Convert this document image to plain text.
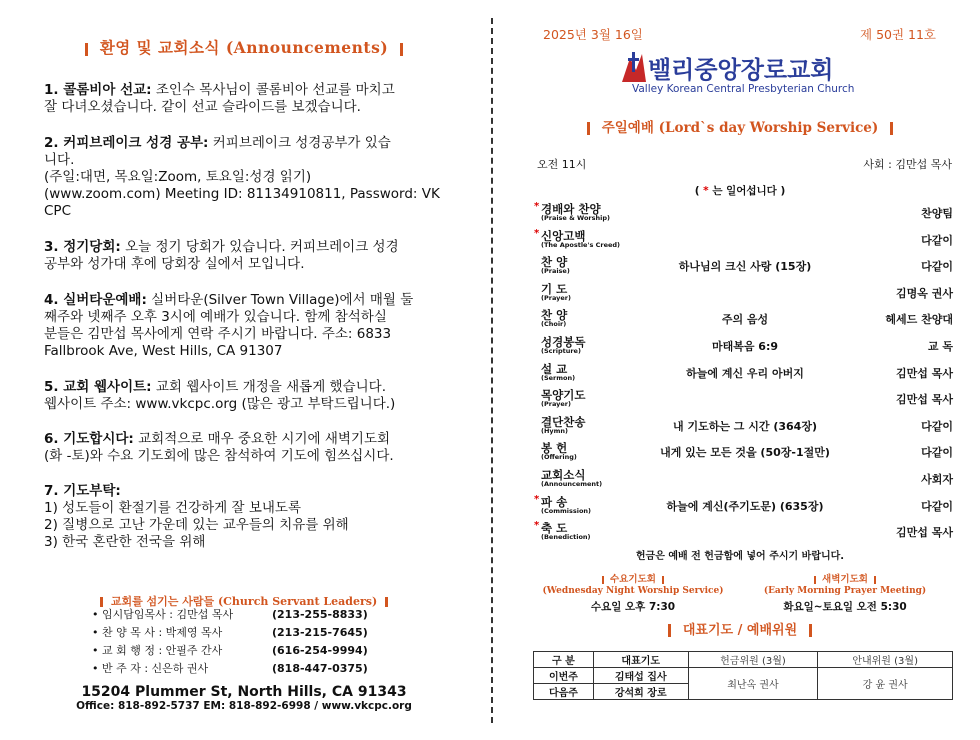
환영 및 교회소식 (Announcements)
1. 콜롬비아 선교: 조인수 목사님이 콜롬비아 선교를 마치고
잘 다녀오셨습니다. 같이 선교 슬라이드를 보겠습니다.
2. 커피브레이크 성경 공부: 커피브레이크 성경공부가 있습
니다.
(주일:대면, 목요일:Zoom, 토요일:성경 읽기)
(www.zoom.com) Meeting ID: 81134910811, Password: VK
CPC
3. 정기당회: 오늘 정기 당회가 있습니다. 커피브레이크 성경
공부와 성가대 후에 당회장 실에서 모입니다.
4. 실버타운예배: 실버타운(Silver Town Village)에서 매월 둘
째주와 넷째주 오후 3시에 예배가 있습니다. 함께 참석하실
분들은 김만섭 목사에게 연락 주시기 바랍니다. 주소: 6833
Fallbrook Ave, West Hills, CA 91307
5. 교회 웹사이트: 교회 웹사이트 개정을 새롭게 했습니다.
웹사이트 주소: www.vkcpc.org (많은 광고 부탁드립니다.)
6. 기도합시다: 교회적으로 매우 중요한 시기에 새벽기도회
(화 -토)와 수요 기도회에 많은 참석하여 기도에 힘쓰십시다.
7. 기도부탁:
1) 성도들이 환절기를 건강하게 잘 보내도록
2) 질병으로 고난 가운데 있는 교우들의 치유를 위해
3) 한국 혼란한 전국을 위해
교회를 섬기는 사람들 (Church Servant Leaders)
• 임시담임목사 : 김만섭 목사	(213-255-8833)
• 찬 양 목 사 : 박제영 목사	(213-215-7645)
• 교 회 행 정 : 안필주 간사	(616-254-9994)
• 반 주 자 : 신은하 권사	(818-447-0375)
15204 Plummer St, North Hills, CA 91343
Office: 818-892-5737 EM: 818-892-6998 / www.vkcpc.org
2025년 3월 16일	제 50권 11호
밸리중앙장로교회
Valley Korean Central Presbyterian Church
주일예배 (Lord`s day Worship Service)
오전 11시	사회 : 김만섭 목사
( * 는 일어섭니다 )
* 경배와 찬양
(Praise & Worship)	찬양팀
* 신앙고백
(The Apostle's Creed)	다같이
찬 양
(Praise)	하나님의 크신 사랑 (15장)	다같이
기 도
(Prayer)	김명옥 권사
찬 양
(Choir)	주의 음성	헤세드 찬양대
성경봉독
(Scripture)	마태복음 6:9	교 독
설 교
(Sermon)	하늘에 계신 우리 아버지	김만섭 목사
목양기도
(Prayer)	김만섭 목사
결단찬송
(Hymn)	내 기도하는 그 시간 (364장)	다같이
봉 헌
(Offering)	내게 있는 모든 것을 (50장-1절만)	다같이
교회소식
(Announcement)	사회자
* 파 송
(Commission)	하늘에 계신(주기도문) (635장)	다같이
* 축 도
(Benediction)	김만섭 목사
헌금은 예배 전 헌금함에 넣어 주시기 바랍니다.
수요기도회
(Wednesday Night Worship Service)
수요일 오후 7:30
새벽기도회
(Early Morning Prayer Meeting)
화요일~토요일 오전 5:30
대표기도 / 예배위원
구 분	대표기도	헌금위원 (3월)	안내위원 (3월)
이번주	김태섭 집사	최난옥 권사	강 윤 권사
다음주	강석희 장로		
